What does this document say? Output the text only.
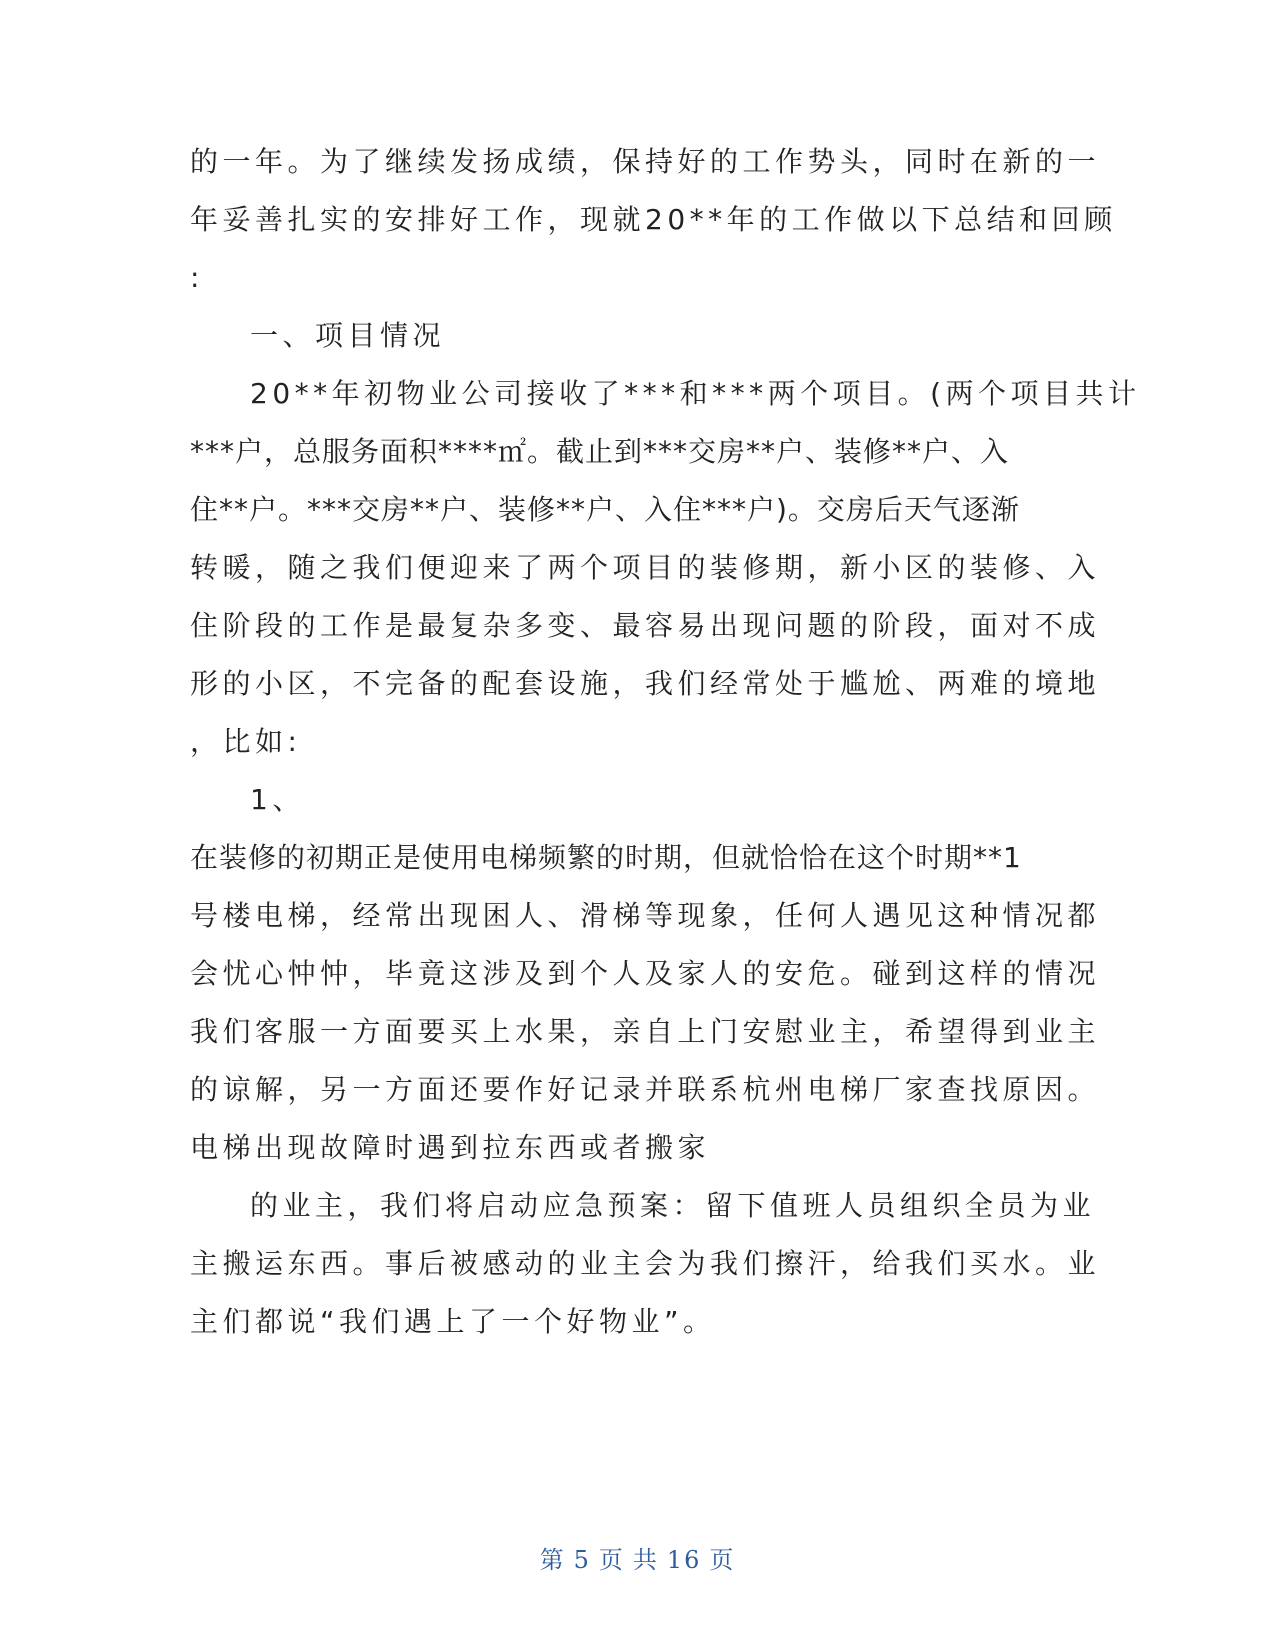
的一年。为了继续发扬成绩，保持好的工作势头，同时在新的一
年妥善扎实的安排好工作，现就20**年的工作做以下总结和回顾
:
一、项目情况
20**年初物业公司接收了***和***两个项目。(两个项目共计
***户，总服务面积****㎡。截止到***交房**户、装修**户、入
住**户。***交房**户、装修**户、入住***户)。交房后天气逐渐
转暖，随之我们便迎来了两个项目的装修期，新小区的装修、入
住阶段的工作是最复杂多变、最容易出现问题的阶段，面对不成
形的小区，不完备的配套设施，我们经常处于尴尬、两难的境地
，比如:
1、
在装修的初期正是使用电梯频繁的时期，但就恰恰在这个时期**1
号楼电梯，经常出现困人、滑梯等现象，任何人遇见这种情况都
会忧心忡忡，毕竟这涉及到个人及家人的安危。碰到这样的情况
我们客服一方面要买上水果，亲自上门安慰业主，希望得到业主
的谅解，另一方面还要作好记录并联系杭州电梯厂家查找原因。
电梯出现故障时遇到拉东西或者搬家
的业主，我们将启动应急预案：留下值班人员组织全员为业
主搬运东西。事后被感动的业主会为我们擦汗，给我们买水。业
主们都说“我们遇上了一个好物业”。
第 5 页 共 16 页
